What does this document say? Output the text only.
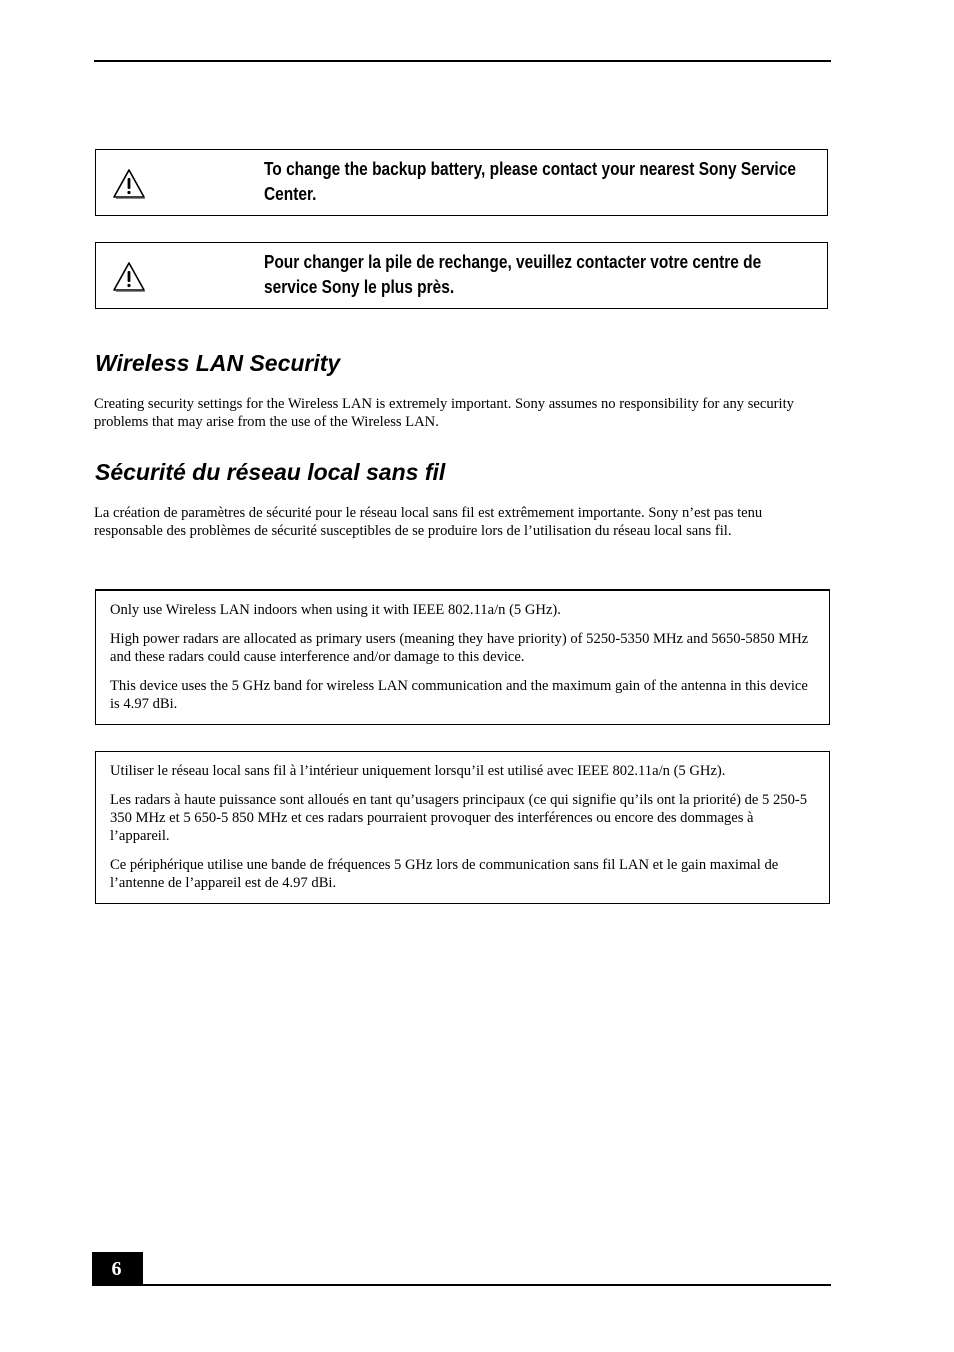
To change the backup battery, please contact your nearest Sony Service Center.
Pour changer la pile de rechange, veuillez contacter votre centre de service Sony le plus près.
Wireless LAN Security

Creating security settings for the Wireless LAN is extremely important. Sony assumes no responsibility for any security problems that may arise from the use of the Wireless LAN.

Sécurité du réseau local sans fil

La création de paramètres de sécurité pour le réseau local sans fil est extrêmement importante. Sony n’est pas tenu responsable des problèmes de sécurité susceptibles de se produire lors de l’utilisation du réseau local sans fil.

Only use Wireless LAN indoors when using it with IEEE 802.11a/n (5 GHz).

High power radars are allocated as primary users (meaning they have priority) of 5250-5350 MHz and 5650-5850 MHz and these radars could cause interference and/or damage to this device.

This device uses the 5 GHz band for wireless LAN communication and the maximum gain of the antenna in this device is 4.97 dBi.

Utiliser le réseau local sans fil à l’intérieur uniquement lorsqu’il est utilisé avec IEEE 802.11a/n (5 GHz).

Les radars à haute puissance sont alloués en tant qu’usagers principaux (ce qui signifie qu’ils ont la priorité) de 5 250-5 350 MHz et 5 650-5 850 MHz et ces radars pourraient provoquer des interférences ou encore des dommages à l’appareil.

Ce périphérique utilise une bande de fréquences 5 GHz lors de communication sans fil LAN et le gain maximal de l’antenne de l’appareil est de 4.97 dBi.

6
